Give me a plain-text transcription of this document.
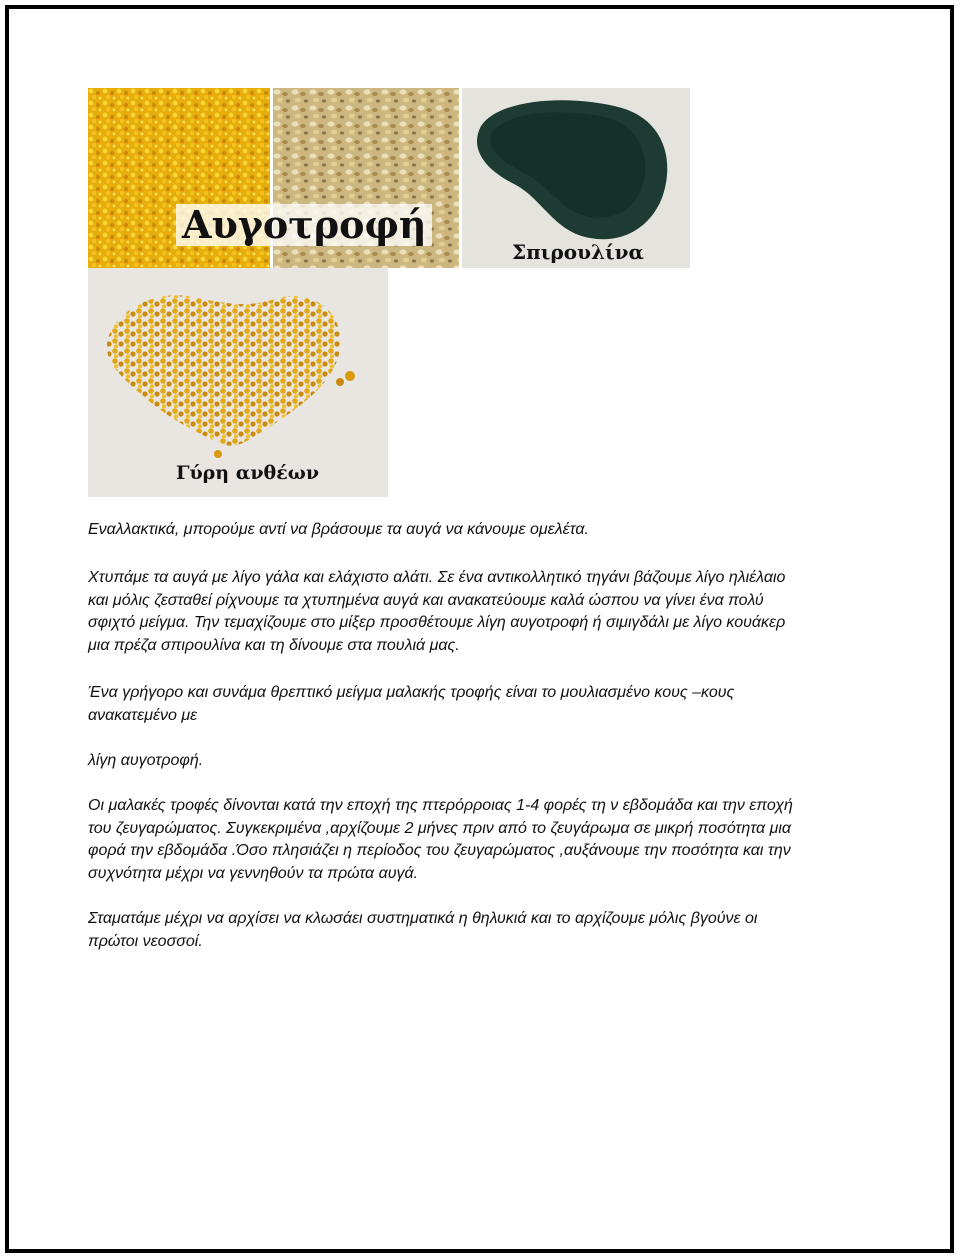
Σπιρουλίνα
Αυγοτροφή
Γύρη ανθέων

Εναλλακτικά, μπορούμε αντί να βράσουμε τα αυγά να κάνουμε ομελέτα.

Χτυπάμε τα αυγά με λίγο γάλα και ελάχιστο αλάτι. Σε ένα αντικολλητικό τηγάνι βάζουμε λίγο ηλιέλαιο

και μόλις ζεσταθεί ρίχνουμε τα χτυπημένα αυγά και ανακατεύουμε καλά ώσπου να γίνει ένα πολύ

σφιχτό μείγμα. Την τεμαχίζουμε στο μίξερ προσθέτουμε λίγη αυγοτροφή ή σιμιγδάλι με λίγο κουάκερ

μια πρέζα σπιρουλίνα και τη δίνουμε στα πουλιά μας.

Ένα γρήγορο και συνάμα θρεπτικό μείγμα μαλακής τροφής είναι το μουλιασμένο κους –κους

ανακατεμένο με

λίγη αυγοτροφή.

Οι μαλακές τροφές δίνονται κατά την εποχή της πτερόρροιας 1-4 φορές τη ν εβδομάδα και την εποχή

του ζευγαρώματος. Συγκεκριμένα ,αρχίζουμε 2 μήνες πριν από το ζευγάρωμα σε μικρή ποσότητα μια

φορά την εβδομάδα .Όσο πλησιάζει η περίοδος του ζευγαρώματος ,αυξάνουμε την ποσότητα και την

συχνότητα μέχρι να γεννηθούν τα πρώτα αυγά.

Σταματάμε μέχρι να αρχίσει να κλωσάει συστηματικά η θηλυκιά και το αρχίζουμε μόλις βγούνε οι

πρώτοι νεοσσοί.
